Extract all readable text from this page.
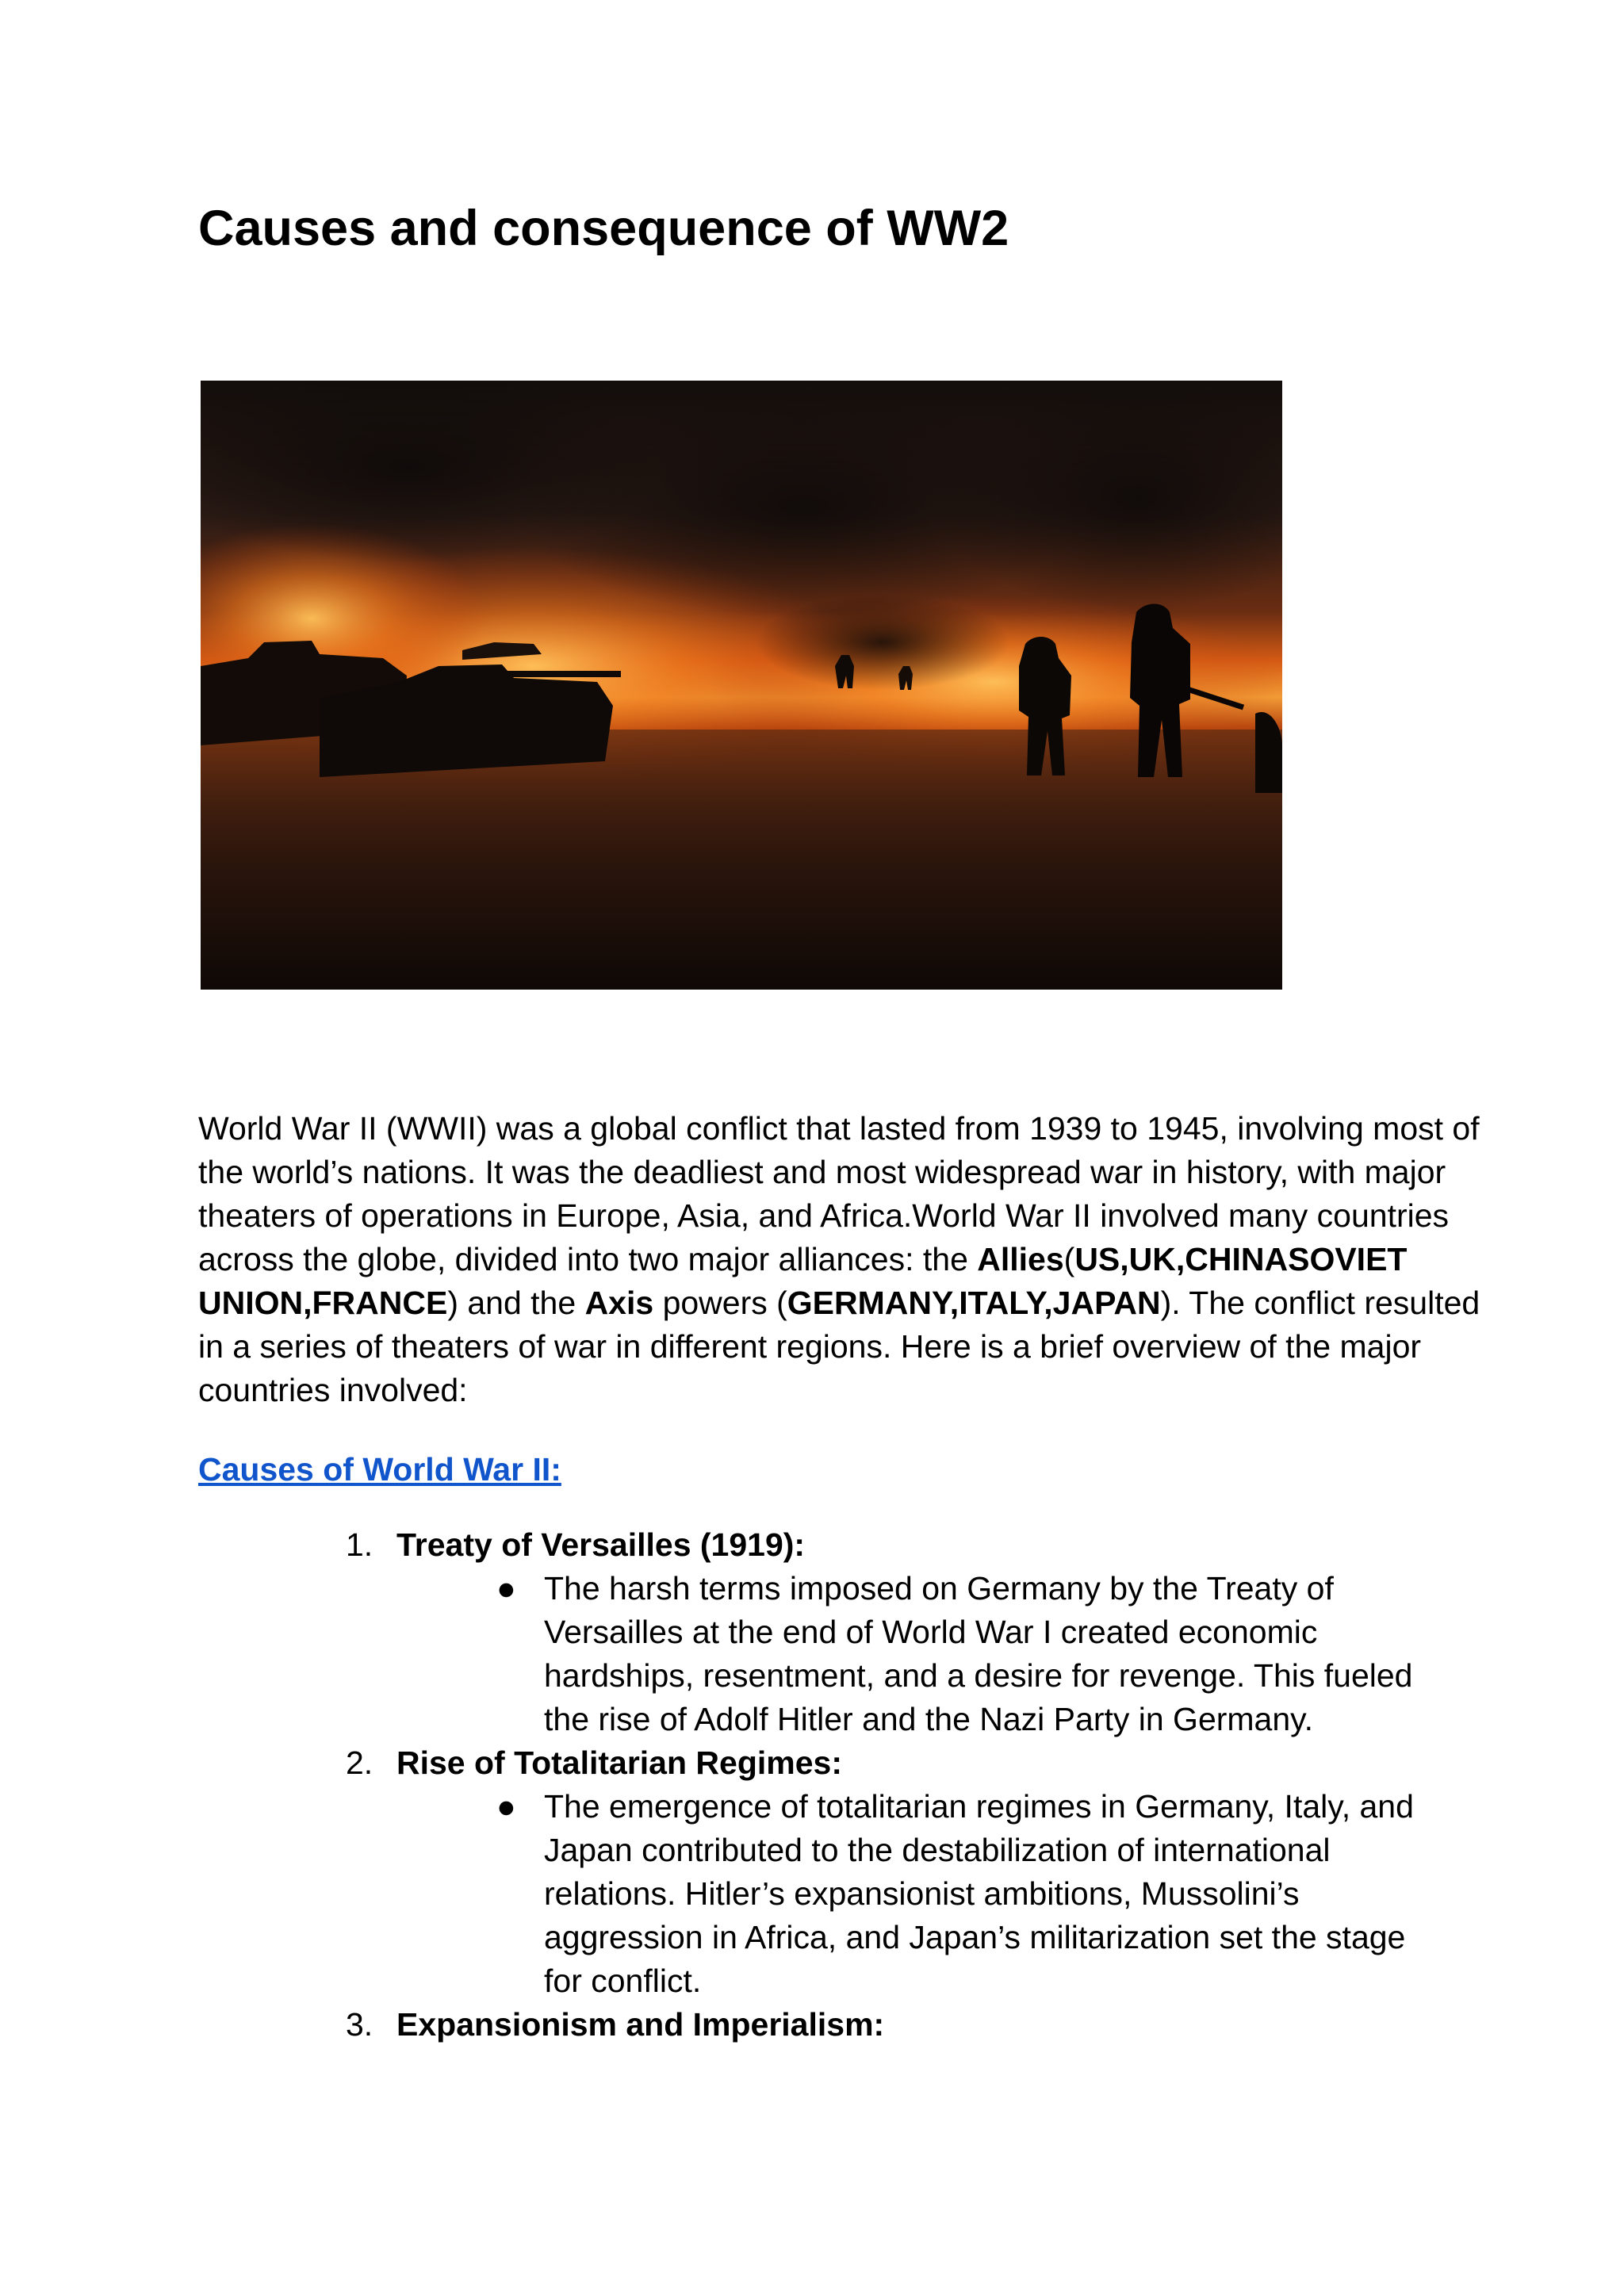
Causes and consequence of WW2

World War II (WWII) was a global conflict that lasted from 1939 to 1945, involving most of the world’s nations. It was the deadliest and most widespread war in history, with major theaters of operations in Europe, Asia, and Africa.World War II involved many countries across the globe, divided into two major alliances: the Allies(US,UK,CHINASOVIET UNION,FRANCE) and the Axis powers (GERMANY,ITALY,JAPAN). The conflict resulted in a series of theaters of war in different regions. Here is a brief overview of the major countries involved:

Causes of World War II:
1. Treaty of Versailles (1919):
● The harsh terms imposed on Germany by the Treaty of Versailles at the end of World War I created economic hardships, resentment, and a desire for revenge. This fueled the rise of Adolf Hitler and the Nazi Party in Germany.
2. Rise of Totalitarian Regimes:
● The emergence of totalitarian regimes in Germany, Italy, and Japan contributed to the destabilization of international relations. Hitler’s expansionist ambitions, Mussolini’s aggression in Africa, and Japan’s militarization set the stage for conflict.
3. Expansionism and Imperialism:
